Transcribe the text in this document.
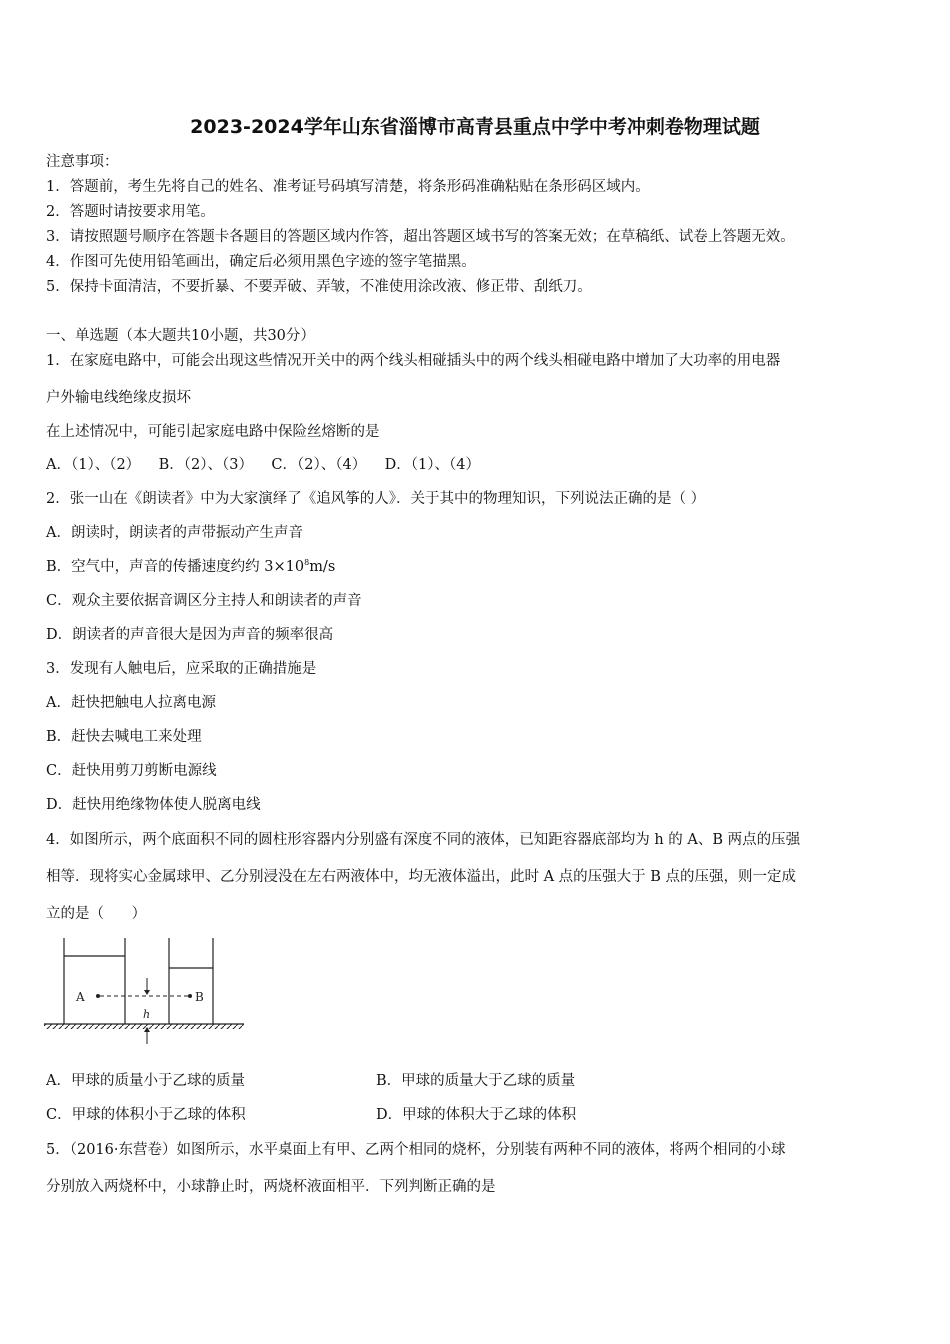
2023-2024学年山东省淄博市高青县重点中学中考冲刺卷物理试题
注意事项：
1．答题前，考生先将自己的姓名、准考证号码填写清楚，将条形码准确粘贴在条形码区域内。
2．答题时请按要求用笔。
3．请按照题号顺序在答题卡各题目的答题区域内作答，超出答题区域书写的答案无效；在草稿纸、试卷上答题无效。
4．作图可先使用铅笔画出，确定后必须用黑色字迹的签字笔描黑。
5．保持卡面清洁，不要折暴、不要弄破、弄皱，不准使用涂改液、修正带、刮纸刀。
一、单选题（本大题共10小题，共30分）
1．在家庭电路中，可能会出现这些情况开关中的两个线头相碰插头中的两个线头相碰电路中增加了大功率的用电器
户外输电线绝缘皮损坏
在上述情况中，可能引起家庭电路中保险丝熔断的是
A．（1）、（2）    B．（2）、（3）    C．（2）、（4）    D．（1）、（4）
2．张一山在《朗读者》中为大家演绎了《追风筝的人》．关于其中的物理知识，下列说法正确的是（ ）
A．朗读时，朗读者的声带振动产生声音
B．空气中，声音的传播速度约约 $3\times 10^8m/s$
C．观众主要依据音调区分主持人和朗读者的声音
D．朗读者的声音很大是因为声音的频率很高
3．发现有人触电后，应采取的正确措施是
A．赶快把触电人拉离电源
B．赶快去喊电工来处理
C．赶快用剪刀剪断电源线
D．赶快用绝缘物体使人脱离电线
4．如图所示，两个底面积不同的圆柱形容器内分别盛有深度不同的液体，已知距容器底部均为 h 的 A、B 两点的压强
相等．现将实心金属球甲、乙分别浸没在左右两液体中，均无液体溢出，此时 A 点的压强大于 B 点的压强，则一定成
立的是（      ）
A	B
h
A．甲球的质量小于乙球的质量	B．甲球的质量大于乙球的质量
C．甲球的体积小于乙球的体积	D．甲球的体积大于乙球的体积
5．（2016·东营卷）如图所示，水平桌面上有甲、乙两个相同的烧杯，分别装有两种不同的液体，将两个相同的小球
分别放入两烧杯中，小球静止时，两烧杯液面相平．下列判断正确的是
